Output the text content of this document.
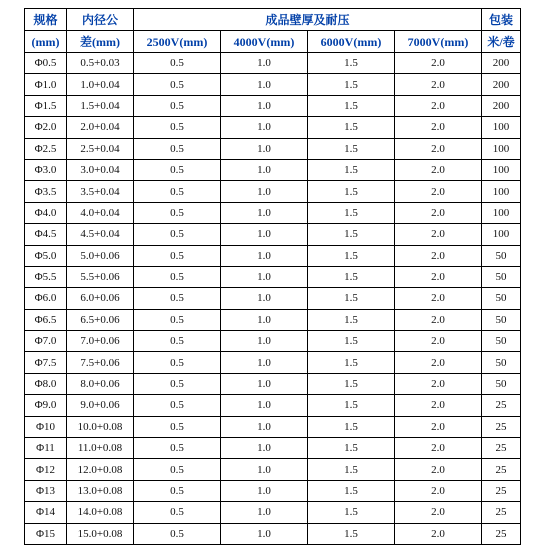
规格	内径公	成品壁厚及耐压				包装
(mm)	差(mm)	2500V(mm)	4000V(mm)	6000V(mm)	7000V(mm)	米/卷
Φ0.5	0.5+0.03	0.5	1.0	1.5	2.0	200
Φ1.0	1.0+0.04	0.5	1.0	1.5	2.0	200
Φ1.5	1.5+0.04	0.5	1.0	1.5	2.0	200
Φ2.0	2.0+0.04	0.5	1.0	1.5	2.0	100
Φ2.5	2.5+0.04	0.5	1.0	1.5	2.0	100
Φ3.0	3.0+0.04	0.5	1.0	1.5	2.0	100
Φ3.5	3.5+0.04	0.5	1.0	1.5	2.0	100
Φ4.0	4.0+0.04	0.5	1.0	1.5	2.0	100
Φ4.5	4.5+0.04	0.5	1.0	1.5	2.0	100
Φ5.0	5.0+0.06	0.5	1.0	1.5	2.0	50
Φ5.5	5.5+0.06	0.5	1.0	1.5	2.0	50
Φ6.0	6.0+0.06	0.5	1.0	1.5	2.0	50
Φ6.5	6.5+0.06	0.5	1.0	1.5	2.0	50
Φ7.0	7.0+0.06	0.5	1.0	1.5	2.0	50
Φ7.5	7.5+0.06	0.5	1.0	1.5	2.0	50
Φ8.0	8.0+0.06	0.5	1.0	1.5	2.0	50
Φ9.0	9.0+0.06	0.5	1.0	1.5	2.0	25
Φ10	10.0+0.08	0.5	1.0	1.5	2.0	25
Φ11	11.0+0.08	0.5	1.0	1.5	2.0	25
Φ12	12.0+0.08	0.5	1.0	1.5	2.0	25
Φ13	13.0+0.08	0.5	1.0	1.5	2.0	25
Φ14	14.0+0.08	0.5	1.0	1.5	2.0	25
Φ15	15.0+0.08	0.5	1.0	1.5	2.0	25
